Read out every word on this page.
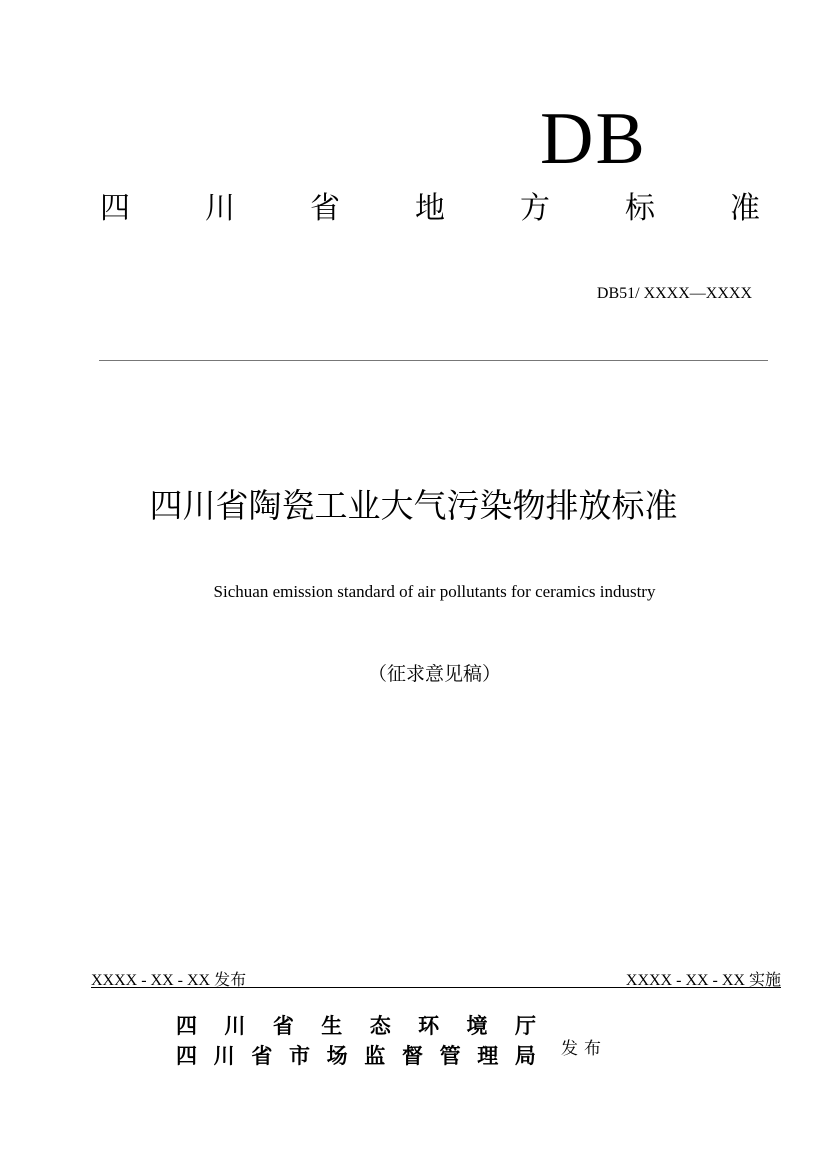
DB
四	川	省	地	方	标	准
DB51/ XXXX—XXXX
四川省陶瓷工业大气污染物排放标准
Sichuan emission standard of air pollutants for ceramics industry
（征求意见稿）
XXXX - XX - XX 发布	XXXX - XX - XX 实施
四 川 省 生 态 环 境 厅
四 川 省 市 场 监 督 管 理 局 发布
